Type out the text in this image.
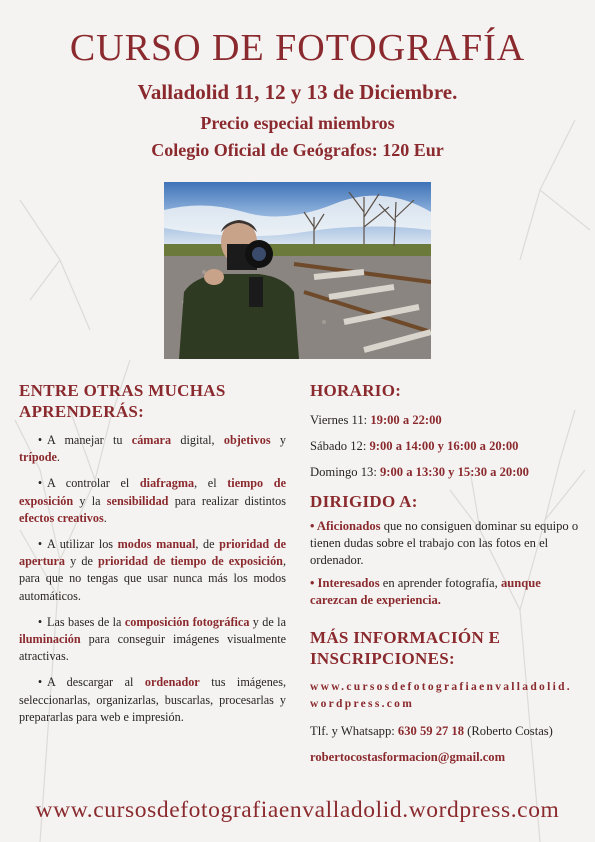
CURSO DE FOTOGRAFÍA
Valladolid 11, 12 y 13 de Diciembre.
Precio especial miembros
Colegio Oficial de Geógrafos: 120 Eur
ENTRE OTRAS MUCHAS
APRENDERÁS:
• A manejar tu cámara digital, objetivos y trípode.
• A controlar el diafragma, el tiempo de exposición y la sensibilidad para realizar distintos efectos creativos.
• A utilizar los modos manual, de prioridad de apertura y de prioridad de tiempo de exposición, para que no tengas que usar nunca más los modos automáticos.
• Las bases de la composición fotográfica y de la iluminación para conseguir imágenes visualmente atractivas.
• A descargar al ordenador tus imágenes, seleccionarlas, organizarlas, buscarlas, procesarlas y prepararlas para web e impresión.
HORARIO:
Viernes 11: 19:00 a 22:00
Sábado 12: 9:00 a 14:00 y 16:00 a 20:00
Domingo 13: 9:00 a 13:30 y 15:30 a 20:00
DIRIGIDO A:
• Aficionados que no consiguen dominar su equipo o tienen dudas sobre el trabajo con las fotos en el ordenador.
• Interesados en aprender fotografía, aunque carezcan de experiencia.
MÁS INFORMACIÓN E
INSCRIPCIONES:
www.cursosdefotografiaenvalladolid.
wordpress.com
Tlf. y Whatsapp: 630 59 27 18 (Roberto Costas)
robertocostasformacion@gmail.com
www.cursosdefotografiaenvalladolid.wordpress.com
